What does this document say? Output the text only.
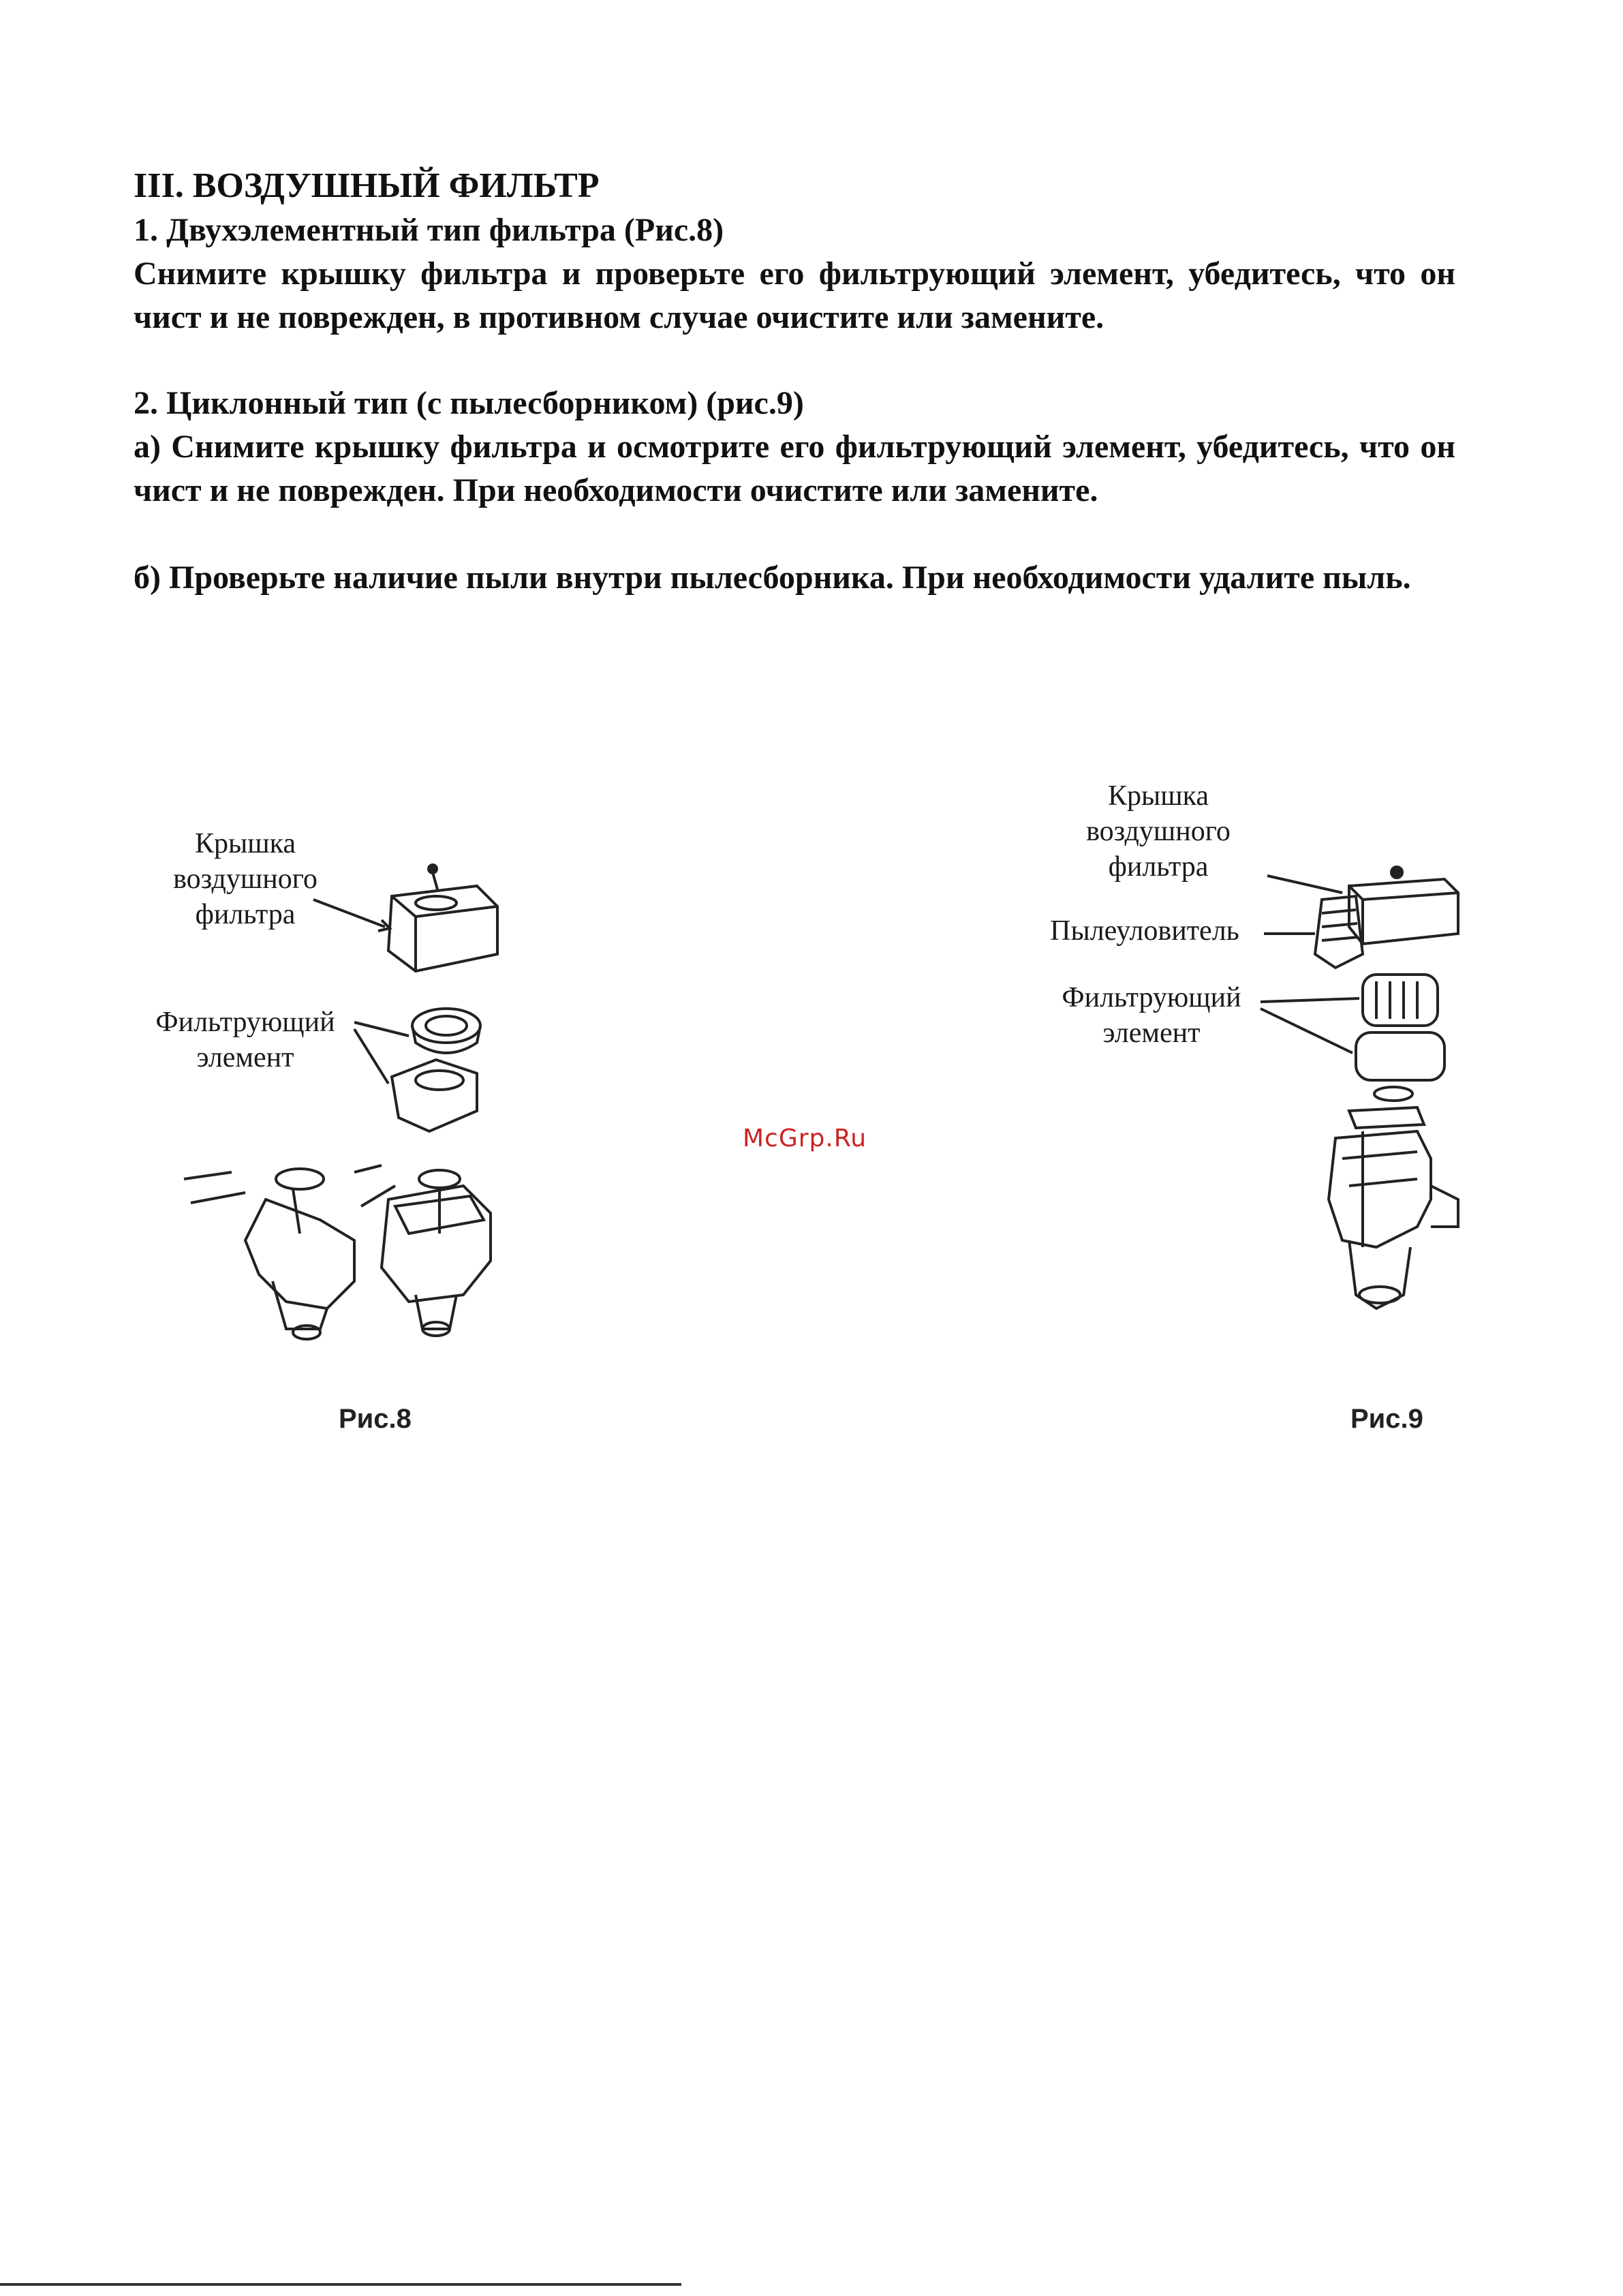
III. ВОЗДУШНЫЙ ФИЛЬТР
1. Двухэлементный тип фильтра (Рис.8)

Снимите крышку фильтра и проверьте его фильтрующий элемент, убедитесь, что он чист и не поврежден, в противном случае очистите или замените.

2. Циклонный тип (с пылесборником) (рис.9)

а) Снимите крышку фильтра и осмотрите его фильтрующий элемент, убедитесь, что он чист и не поврежден. При необходимости очистите или замените.

б) Проверьте наличие пыли внутри пылесборника. При необходимости удалите пыль.

Крышка
воздушного
фильтра
Фильтрующий
элемент
Рис.8
Крышка
воздушного
фильтра
Пылеуловитель
Фильтрующий
элемент
Рис.9
McGrp.Ru
